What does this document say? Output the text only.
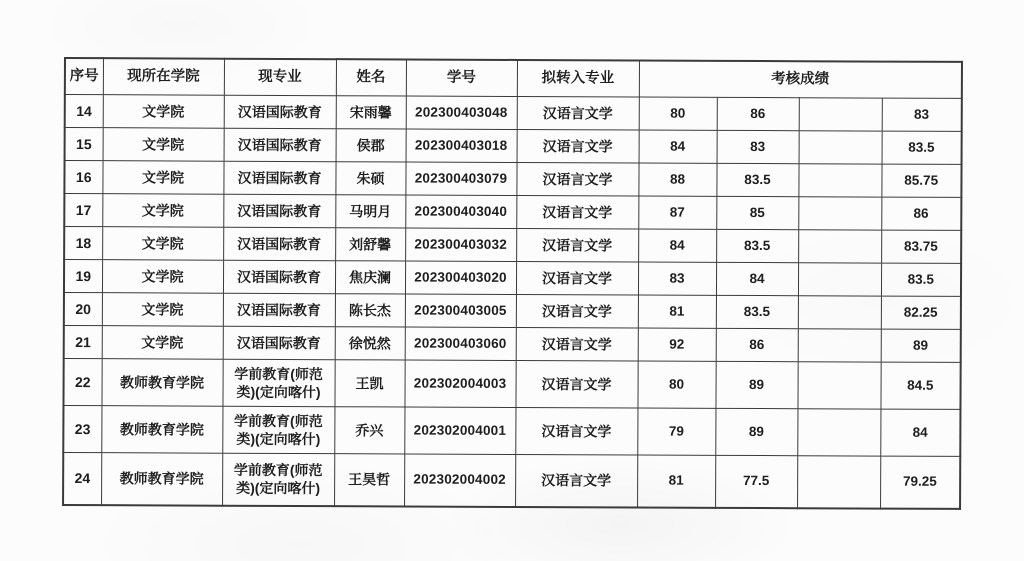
序号	现所在学院	现专业	姓名	学号	拟转入专业	考核成绩			
14	文学院	汉语国际教育	宋雨馨	202300403048	汉语言文学	80	86		83
15	文学院	汉语国际教育	侯郡	202300403018	汉语言文学	84	83		83.5
16	文学院	汉语国际教育	朱硕	202300403079	汉语言文学	88	83.5		85.75
17	文学院	汉语国际教育	马明月	202300403040	汉语言文学	87	85		86
18	文学院	汉语国际教育	刘舒馨	202300403032	汉语言文学	84	83.5		83.75
19	文学院	汉语国际教育	焦庆澜	202300403020	汉语言文学	83	84		83.5
20	文学院	汉语国际教育	陈长杰	202300403005	汉语言文学	81	83.5		82.25
21	文学院	汉语国际教育	徐悦然	202300403060	汉语言文学	92	86		89
22	教师教育学院	学前教育(师范类)(定向喀什)	王凯	202302004003	汉语言文学	80	89		84.5
23	教师教育学院	学前教育(师范类)(定向喀什)	乔兴	202302004001	汉语言文学	79	89		84
24	教师教育学院	学前教育(师范类)(定向喀什)	王昊哲	202302004002	汉语言文学	81	77.5		79.25
